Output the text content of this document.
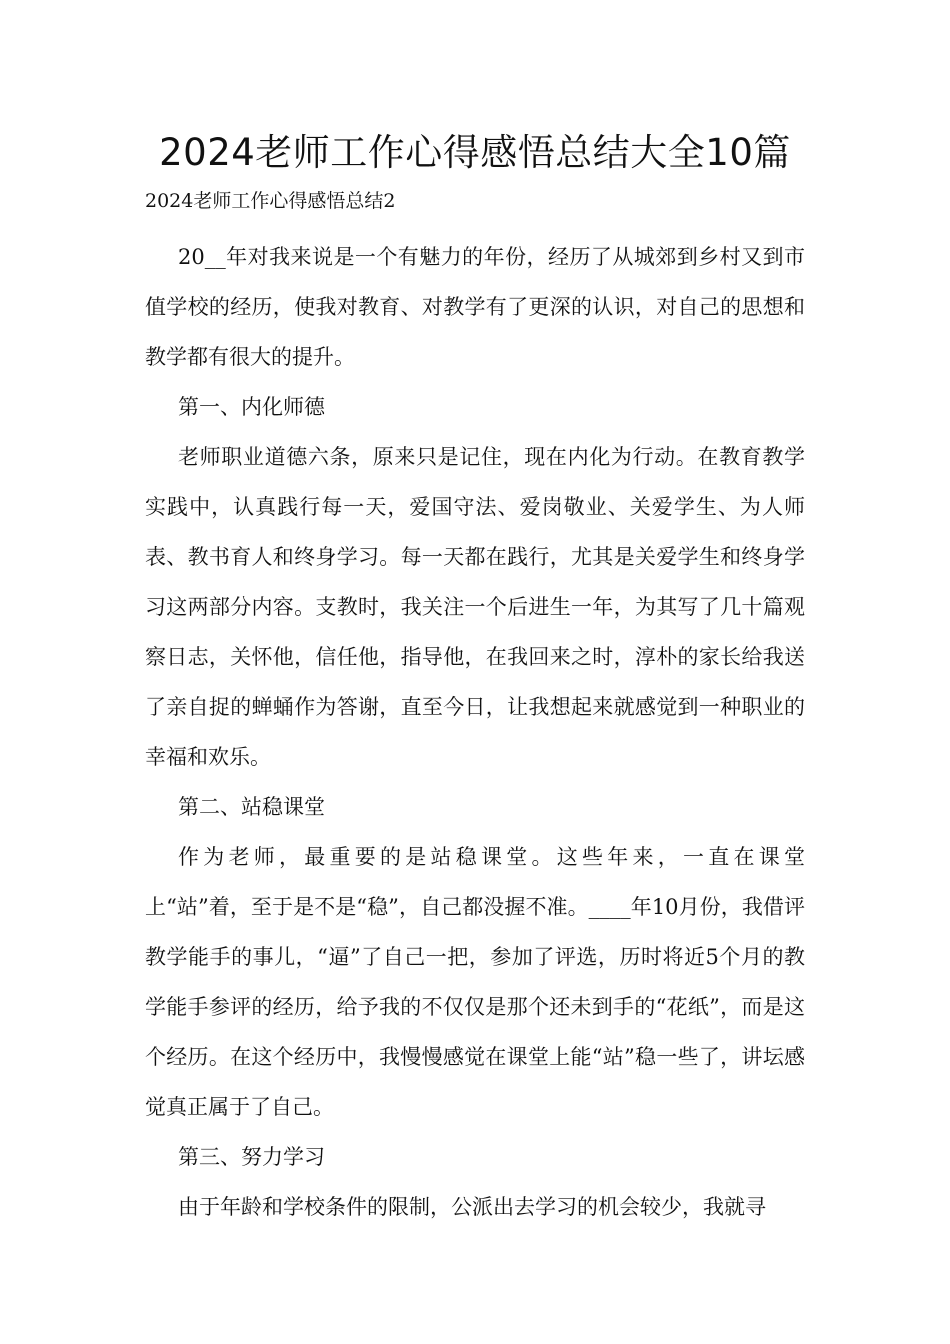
2024老师工作心得感悟总结大全10篇

2024老师工作心得感悟总结2

20__年对我来说是一个有魅力的年份，经历了从城郊到乡村又到市值学校的经历，使我对教育、对教学有了更深的认识，对自己的思想和教学都有很大的提升。

第一、内化师德

老师职业道德六条，原来只是记住，现在内化为行动。在教育教学实践中，认真践行每一天，爱国守法、爱岗敬业、关爱学生、为人师表、教书育人和终身学习。每一天都在践行，尤其是关爱学生和终身学习这两部分内容。支教时，我关注一个后进生一年，为其写了几十篇观察日志，关怀他，信任他，指导他，在我回来之时，淳朴的家长给我送了亲自捉的蝉蛹作为答谢，直至今日，让我想起来就感觉到一种职业的幸福和欢乐。

第二、站稳课堂

作为老师，最重要的是站稳课堂。这些年来，一直在课堂上“站”着，至于是不是“稳”，自己都没握不准。____年10月份，我借评教学能手的事儿，“逼”了自己一把，参加了评选，历时将近5个月的教学能手参评的经历，给予我的不仅仅是那个还未到手的“花纸”，而是这个经历。在这个经历中，我慢慢感觉在课堂上能“站”稳一些了，讲坛感觉真正属于了自己。

第三、努力学习

由于年龄和学校条件的限制，公派出去学习的机会较少，我就寻
